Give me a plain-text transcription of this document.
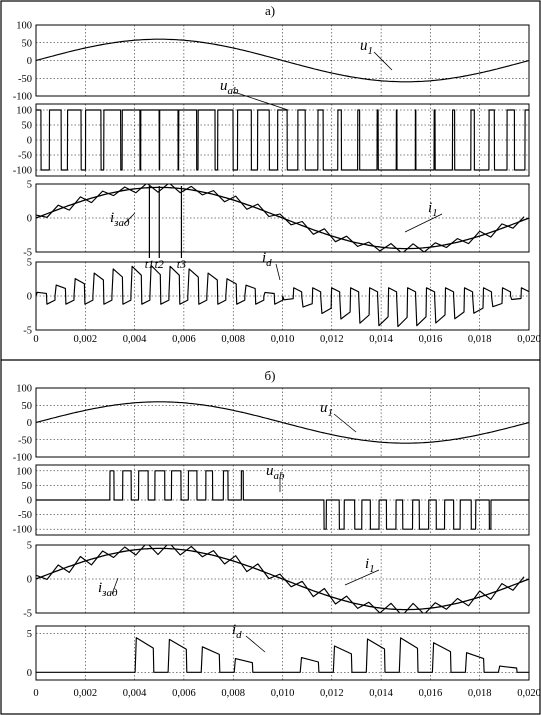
а)
100
50
0
-50
-100
$u_1$
100
50
0
-50
-100
$u_{ab}$
5
0
-5
t1 t2 t3
$i_{зад}$
$i_1$
5
0
-5
$i_d$
0	0,002 0,004 0,006 0,008 0,010 0,012 0,014 0,016 0,018 0,020
б)
100
50
0
-50
-100
$u_1$
100
50
0
-50
-100
$u_{ab}$
5
0
-5
$i_{зад}$
$i_1$
5
0
$i_d$
0	0,002 0,004 0,006 0,008 0,010 0,012 0,014 0,016 0,018 0,020
